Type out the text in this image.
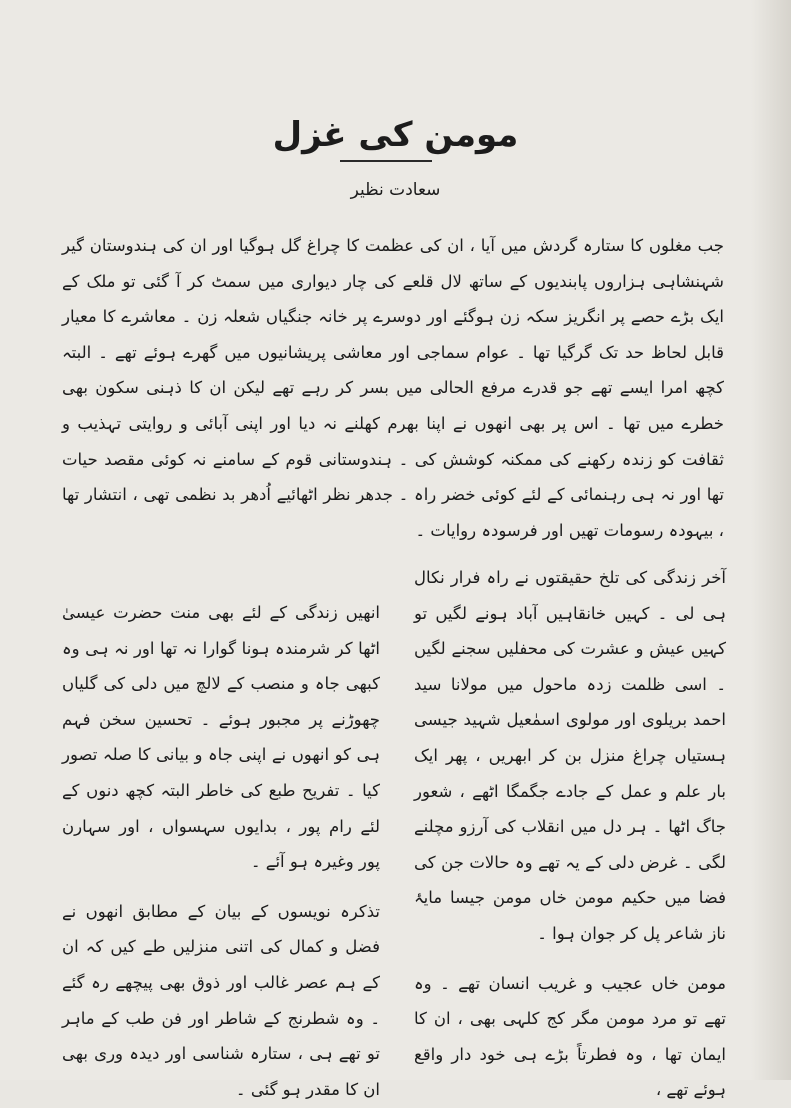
مومن کی غزل
سعادت نظیر
جب مغلوں کا ستارہ گردش میں آیا ، ان کی عظمت کا چراغ گل ہوگیا اور ان کی ہندوستان گیر شہنشاہی ہزاروں پابندیوں کے ساتھ لال قلعے کی چار دیواری میں سمٹ کر آ گئی تو ملک کے ایک بڑے حصے پر انگریز سکہ زن ہوگئے اور دوسرے پر خانہ جنگیاں شعلہ زن ۔ معاشرے کا معیار قابل لحاظ حد تک گرگیا تھا ۔ عوام سماجی اور معاشی پریشانیوں میں گھرے ہوئے تھے ۔ البتہ کچھ امرا ایسے تھے جو قدرے مرفع الحالی میں بسر کر رہے تھے لیکن ان کا ذہنی سکون بھی خطرے میں تھا ۔ اس پر بھی انھوں نے اپنا بھرم کھلنے نہ دیا اور اپنی آبائی و روایتی تہذیب و ثقافت کو زندہ رکھنے کی ممکنہ کوشش کی ۔ ہندوستانی قوم کے سامنے نہ کوئی مقصد حیات تھا اور نہ ہی رہنمائی کے لئے کوئی خضر راہ ۔ جدھر نظر اٹھائیے اُدھر بد نظمی تھی ، انتشار تھا ، بیہودہ رسومات تھیں اور فرسودہ روایات ۔

آخر زندگی کی تلخ حقیقتوں نے راہ فرار نکال ہی لی ۔ کہیں خانقاہیں آباد ہونے لگیں تو کہیں عیش و عشرت کی محفلیں سجنے لگیں ۔ اسی ظلمت زدہ ماحول میں مولانا سید احمد بریلوی اور مولوی اسمٰعیل شہید جیسی ہستیاں چراغ منزل بن کر ابھریں ، پھر ایک بار علم و عمل کے جادے جگمگا اٹھے ، شعور جاگ اٹھا ۔ ہر دل میں انقلاب کی آرزو مچلنے لگی ۔ غرض دلی کے یہ تھے وہ حالات جن کی فضا میں حکیم مومن خاں مومن جیسا مایۂ ناز شاعر پل کر جوان ہوا ۔

مومن خاں عجیب و غریب انسان تھے ۔ وہ تھے تو مرد مومن مگر کج کلہی بھی ، ان کا ایمان تھا ، وہ فطرتاً بڑے ہی خود دار واقع ہوئے تھے ،

انھیں زندگی کے لئے بھی منت حضرت عیسیٰ اٹھا کر شرمندہ ہونا گوارا نہ تھا اور نہ ہی وہ کبھی جاہ و منصب کے لالچ میں دلی کی گلیاں چھوڑنے پر مجبور ہوئے ۔ تحسین سخن فہم ہی کو انھوں نے اپنی جاہ و بیانی کا صلہ تصور کیا ۔ تفریح طبع کی خاطر البتہ کچھ دنوں کے لئے رام پور ، بدایوں سہسواں ، اور سہارن پور وغیرہ ہو آئے ۔

تذکرہ نویسوں کے بیان کے مطابق انھوں نے فضل و کمال کی اتنی منزلیں طے کیں کہ ان کے ہم عصر غالب اور ذوق بھی پیچھے رہ گئے ۔ وہ شطرنج کے شاطر اور فن طب کے ماہر تو تھے ہی ، ستارہ شناسی اور دیدہ وری بھی ان کا مقدر ہو گئی ۔
